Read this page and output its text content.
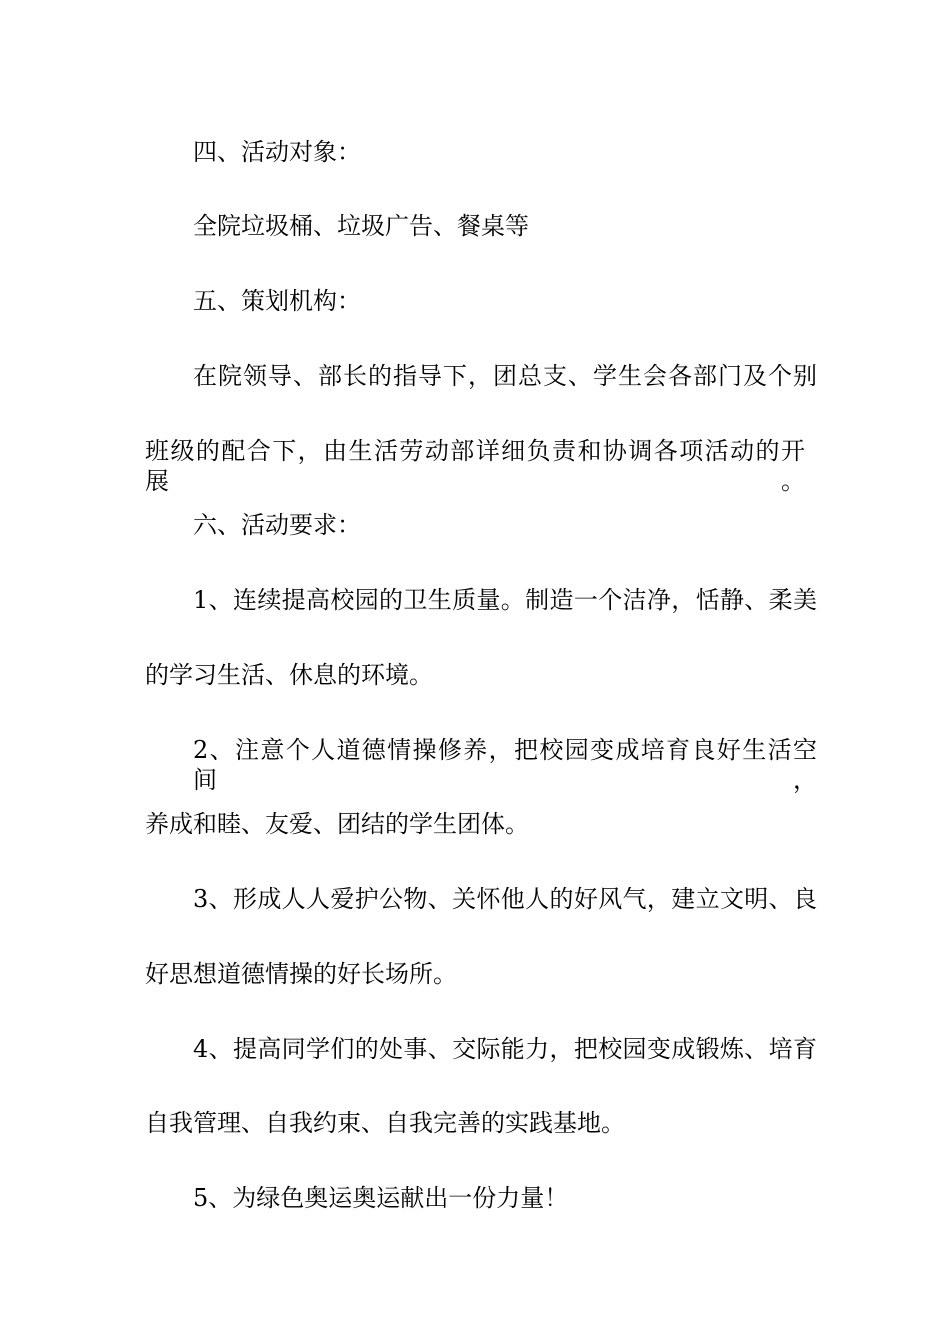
四、活动对象：
全院垃圾桶、垃圾广告、餐桌等
五、策划机构：
在院领导、部长的指导下，团总支、学生会各部门及个别
班级的配合下，由生活劳动部详细负责和协调各项活动的开展。
六、活动要求：
1、连续提高校园的卫生质量。制造一个洁净，恬静、柔美
的学习生活、休息的环境。
2、注意个人道德情操修养，把校园变成培育良好生活空间，
养成和睦、友爱、团结的学生团体。
3、形成人人爱护公物、关怀他人的好风气，建立文明、良
好思想道德情操的好长场所。
4、提高同学们的处事、交际能力，把校园变成锻炼、培育
自我管理、自我约束、自我完善的实践基地。
5、为绿色奥运奥运献出一份力量！
